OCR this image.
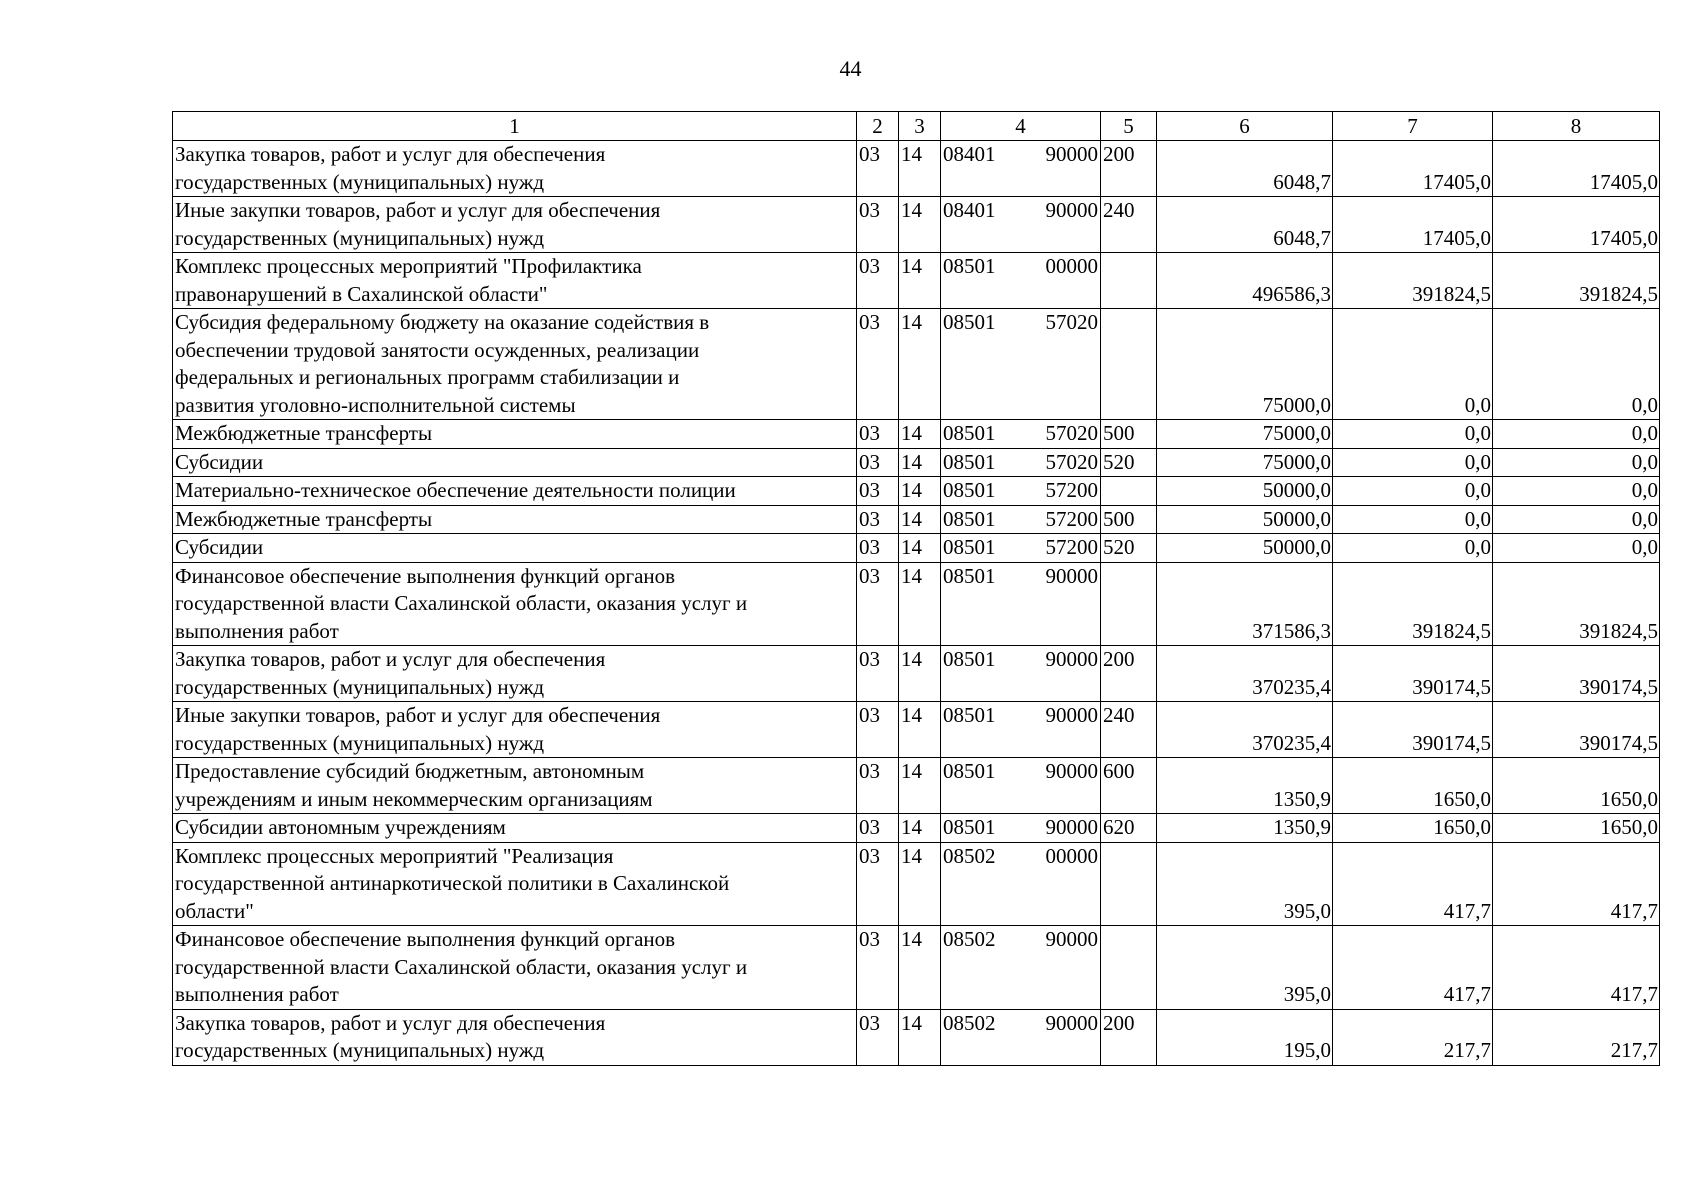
44
1	2	3	4	5	6	7	8
Закупка товаров, работ и услуг для обеспечения
государственных (муниципальных) нужд	03	14	08401 90000	200	6048,7	17405,0	17405,0
Иные закупки товаров, работ и услуг для обеспечения
государственных (муниципальных) нужд	03	14	08401 90000	240	6048,7	17405,0	17405,0
Комплекс процессных мероприятий "Профилактика
правонарушений в Сахалинской области"	03	14	08501 00000		496586,3	391824,5	391824,5
Субсидия федеральному бюджету на оказание содействия в
обеспечении трудовой занятости осужденных, реализации
федеральных и региональных программ стабилизации и
развития уголовно-исполнительной системы	03	14	08501 57020		75000,0	0,0	0,0
Межбюджетные трансферты	03	14	08501 57020	500	75000,0	0,0	0,0
Субсидии	03	14	08501 57020	520	75000,0	0,0	0,0
Материально-техническое обеспечение деятельности полиции	03	14	08501 57200		50000,0	0,0	0,0
Межбюджетные трансферты	03	14	08501 57200	500	50000,0	0,0	0,0
Субсидии	03	14	08501 57200	520	50000,0	0,0	0,0
Финансовое обеспечение выполнения функций органов
государственной власти Сахалинской области, оказания услуг и
выполнения работ	03	14	08501 90000		371586,3	391824,5	391824,5
Закупка товаров, работ и услуг для обеспечения
государственных (муниципальных) нужд	03	14	08501 90000	200	370235,4	390174,5	390174,5
Иные закупки товаров, работ и услуг для обеспечения
государственных (муниципальных) нужд	03	14	08501 90000	240	370235,4	390174,5	390174,5
Предоставление субсидий бюджетным, автономным
учреждениям и иным некоммерческим организациям	03	14	08501 90000	600	1350,9	1650,0	1650,0
Субсидии автономным учреждениям	03	14	08501 90000	620	1350,9	1650,0	1650,0
Комплекс процессных мероприятий "Реализация
государственной антинаркотической политики в Сахалинской
области"	03	14	08502 00000		395,0	417,7	417,7
Финансовое обеспечение выполнения функций органов
государственной власти Сахалинской области, оказания услуг и
выполнения работ	03	14	08502 90000		395,0	417,7	417,7
Закупка товаров, работ и услуг для обеспечения
государственных (муниципальных) нужд	03	14	08502 90000	200	195,0	217,7	217,7
